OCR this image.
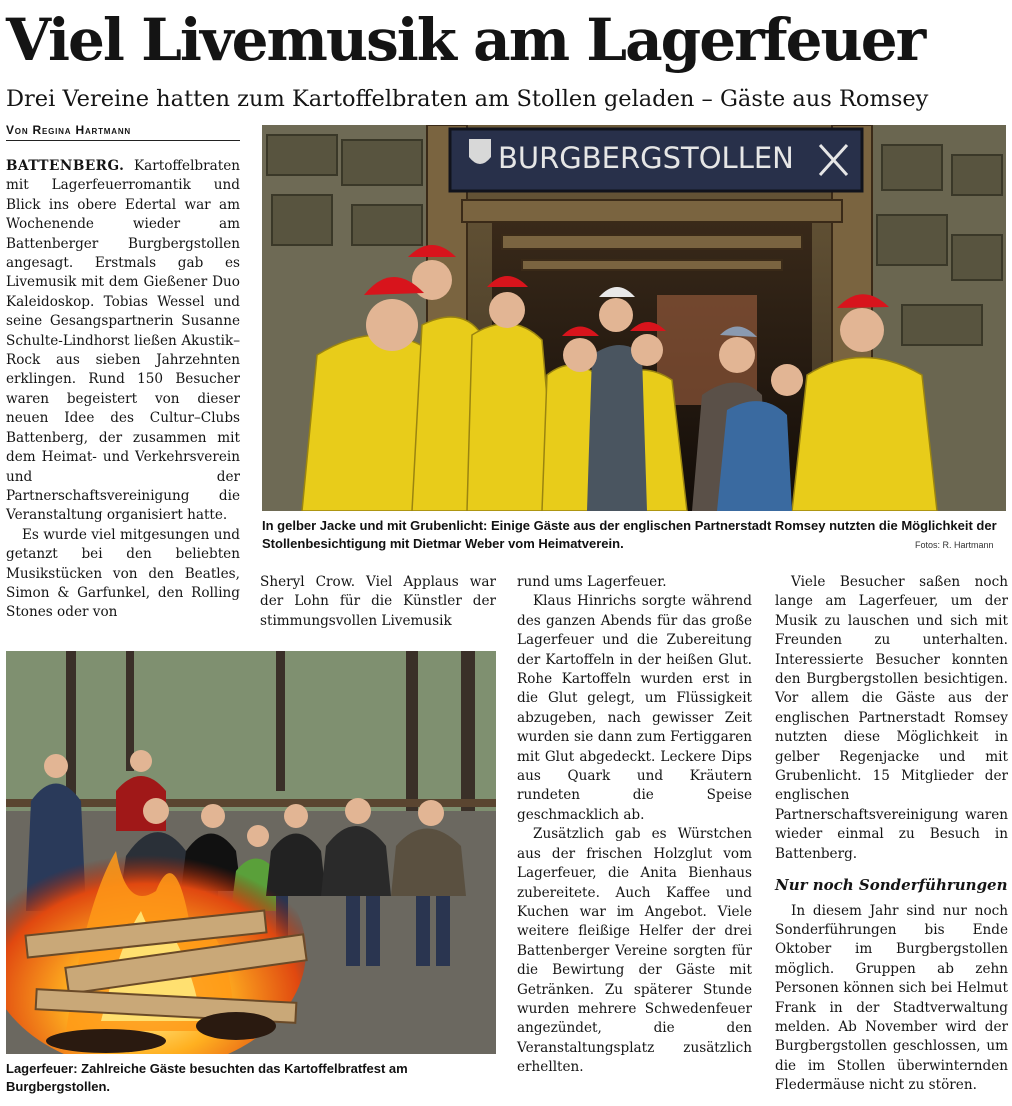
Viel Livemusik am Lagerfeuer
Drei Vereine hatten zum Kartoffelbraten am Stollen geladen – Gäste aus Romsey
Von Regina Hartmann
BURGBERGSTOLLEN
In gelber Jacke und mit Grubenlicht: Einige Gäste aus der englischen Partnerstadt Romsey nutzten die Möglichkeit der Stollenbesichtigung mit Dietmar Weber vom Heimatverein.	Fotos: R. Hartmann

BATTENBERG. Kartoffelbraten mit Lagerfeuerromantik und Blick ins obere Edertal war am Wochenende wieder am Battenberger Burgbergstollen angesagt. Erstmals gab es Livemusik mit dem Gießener Duo Kaleidoskop. Tobias Wessel und seine Gesangspartnerin Susanne Schulte-Lindhorst ließen Akustik–Rock aus sieben Jahrzehnten erklingen. Rund 150 Besucher waren begeistert von dieser neuen Idee des Cultur–Clubs Battenberg, der zusammen mit dem Heimat- und Verkehrsverein und der Partnerschaftsvereinigung die Veranstaltung organisiert hatte.

Es wurde viel mitgesungen und getanzt bei den beliebten Musikstücken von den Beatles, Simon & Garfunkel, den Rolling Stones oder von

Sheryl Crow. Viel Applaus war der Lohn für die Künstler der stimmungsvollen Livemusik

Lagerfeuer: Zahlreiche Gäste besuchten das Kartoffelbratfest am Burgbergstollen.

rund ums Lagerfeuer.

Klaus Hinrichs sorgte während des ganzen Abends für das große Lagerfeuer und die Zubereitung der Kartoffeln in der heißen Glut. Rohe Kartoffeln wurden erst in die Glut gelegt, um Flüssigkeit abzugeben, nach gewisser Zeit wurden sie dann zum Fertiggaren mit Glut abgedeckt. Leckere Dips aus Quark und Kräutern rundeten die Speise geschmacklich ab.

Zusätzlich gab es Würstchen aus der frischen Holzglut vom Lagerfeuer, die Anita Bienhaus zubereitete. Auch Kaffee und Kuchen war im Angebot. Viele weitere fleißige Helfer der drei Battenberger Vereine sorgten für die Bewirtung der Gäste mit Getränken. Zu späterer Stunde wurden mehrere Schwedenfeuer angezündet, die den Veranstaltungsplatz zusätzlich erhellten.

Viele Besucher saßen noch lange am Lagerfeuer, um der Musik zu lauschen und sich mit Freunden zu unterhalten. Interessierte Besucher konnten den Burgbergstollen besichtigen. Vor allem die Gäste aus der englischen Partnerstadt Romsey nutzten diese Möglichkeit in gelber Regenjacke und mit Grubenlicht. 15 Mitglieder der englischen Partnerschaftsvereinigung waren wieder einmal zu Besuch in Battenberg.

Nur noch Sonderführungen

In diesem Jahr sind nur noch Sonderführungen bis Ende Oktober im Burgbergstollen möglich. Gruppen ab zehn Personen können sich bei Helmut Frank in der Stadtverwaltung melden. Ab November wird der Burgbergstollen geschlossen, um die im Stollen überwinternden Fledermäuse nicht zu stören.
